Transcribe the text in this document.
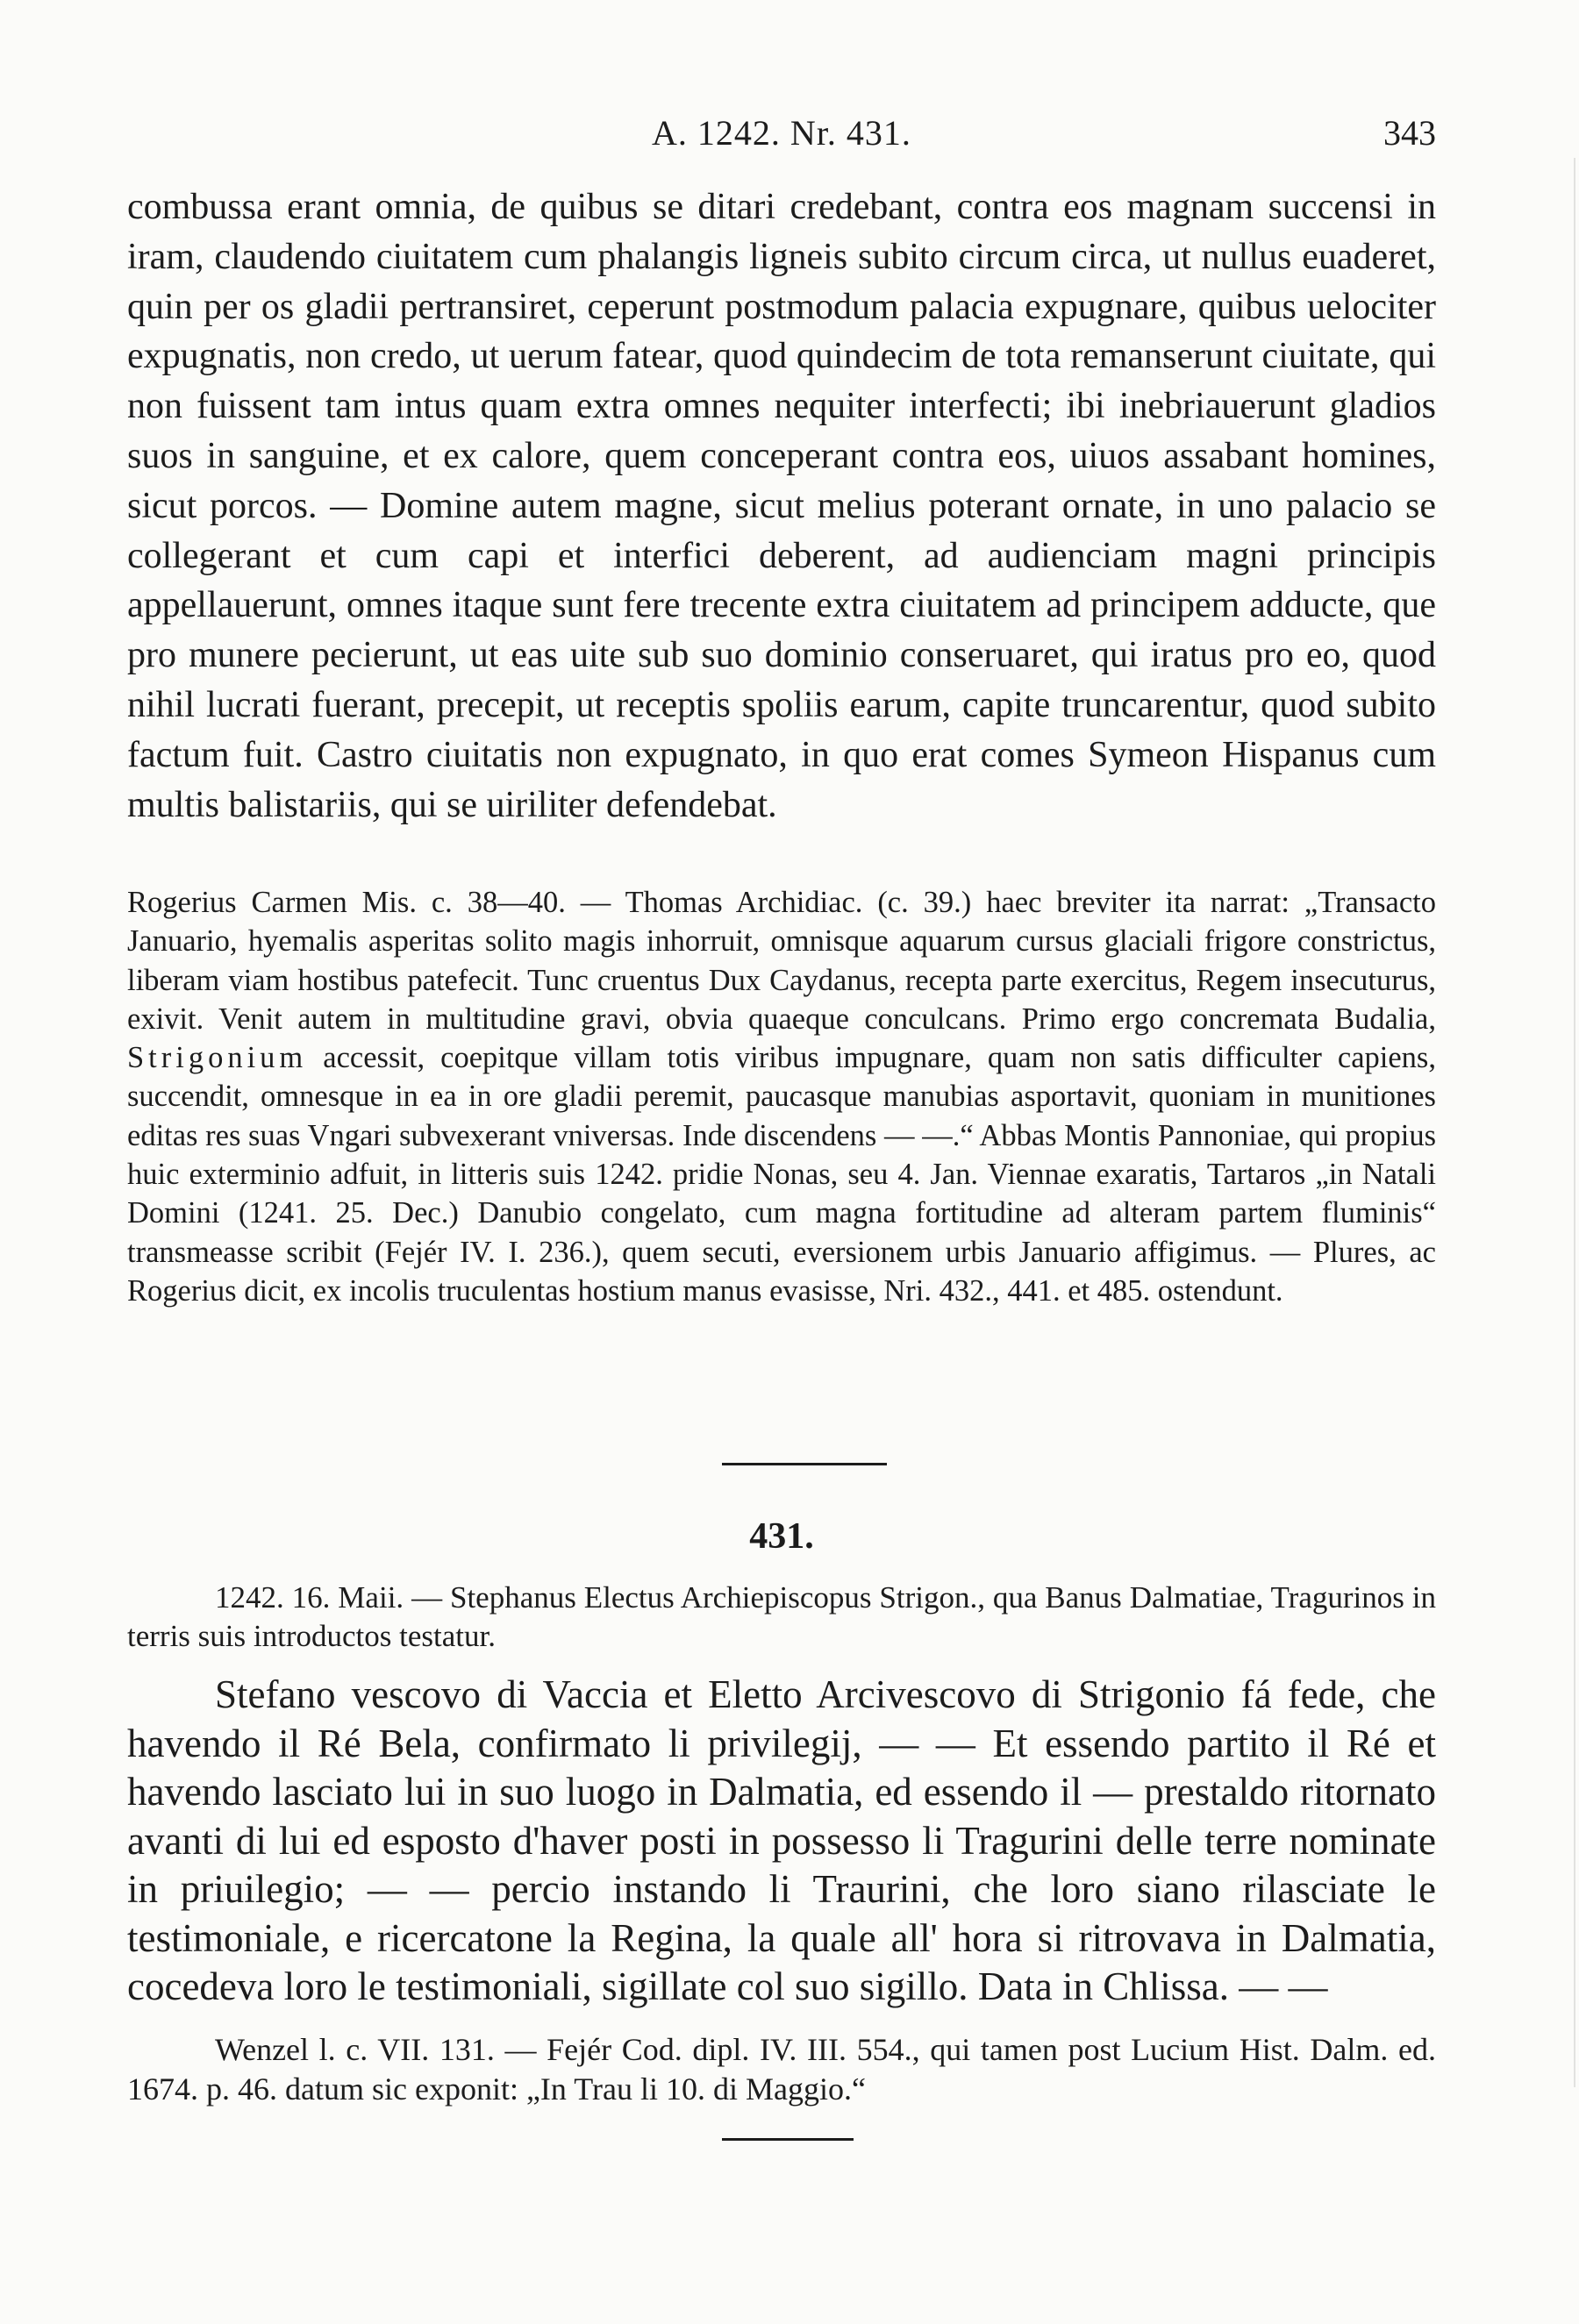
A. 1242. Nr. 431.	343

combussa erant omnia, de quibus se ditari credebant, contra eos magnam succensi in iram, claudendo ciuitatem cum phalangis ligneis subito circum circa, ut nullus euaderet, quin per os gladii pertransiret, ceperunt postmodum palacia expugnare, quibus uelociter expugnatis, non credo, ut uerum fatear, quod quindecim de tota remanserunt ciuitate, qui non fuissent tam intus quam extra omnes nequiter interfecti; ibi inebriauerunt gladios suos in sanguine, et ex calore, quem conceperant contra eos, uiuos assabant homines, sicut porcos. — Domine autem magne, sicut melius poterant ornate, in uno palacio se collegerant et cum capi et interfici deberent, ad audienciam magni principis appellauerunt, omnes itaque sunt fere trecente extra ciuitatem ad principem adducte, que pro munere pecierunt, ut eas uite sub suo dominio conseruaret, qui iratus pro eo, quod nihil lucrati fuerant, precepit, ut receptis spoliis earum, capite truncarentur, quod subito factum fuit. Castro ciuitatis non expugnato, in quo erat comes Symeon Hispanus cum multis balistariis, qui se uiriliter defendebat.

Rogerius Carmen Mis. c. 38—40. — Thomas Archidiac. (c. 39.) haec breviter ita narrat: „Transacto Januario, hyemalis asperitas solito magis inhorruit, omnisque aquarum cursus glaciali frigore constrictus, liberam viam hostibus patefecit. Tunc cruentus Dux Caydanus, recepta parte exercitus, Regem insecuturus, exivit. Venit autem in multitudine gravi, obvia quaeque conculcans. Primo ergo concremata Budalia, Strigonium accessit, coepitque villam totis viribus impugnare, quam non satis difficulter capiens, succendit, omnesque in ea in ore gladii peremit, paucasque manubias asportavit, quoniam in munitiones editas res suas Vngari subvexerant vniversas. Inde discendens — —.“ Abbas Montis Pannoniae, qui propius huic exterminio adfuit, in litteris suis 1242. pridie Nonas, seu 4. Jan. Viennae exaratis, Tartaros „in Natali Domini (1241. 25. Dec.) Danubio congelato, cum magna fortitudine ad alteram partem fluminis“ transmeasse scribit (Fejér IV. I. 236.), quem secuti, eversionem urbis Januario affigimus. — Plures, ac Rogerius dicit, ex incolis truculentas hostium manus evasisse, Nri. 432., 441. et 485. ostendunt.

431.

1242. 16. Maii. — Stephanus Electus Archiepiscopus Strigon., qua Banus Dalmatiae, Tragurinos in terris suis introductos testatur.

Stefano vescovo di Vaccia et Eletto Arcivescovo di Strigonio fá fede, che havendo il Ré Bela, confirmato li privilegij, — — Et essendo partito il Ré et havendo lasciato lui in suo luogo in Dalmatia, ed essendo il — prestaldo ritornato avanti di lui ed esposto d'haver posti in possesso li Tragurini delle terre nominate in priuilegio; — — percio instando li Traurini, che loro siano rilasciate le testimoniale, e ricercatone la Regina, la quale all' hora si ritrovava in Dalmatia, cocedeva loro le testimoniali, sigillate col suo sigillo. Data in Chlissa. — —

Wenzel l. c. VII. 131. — Fejér Cod. dipl. IV. III. 554., qui tamen post Lucium Hist. Dalm. ed. 1674. p. 46. datum sic exponit: „In Trau li 10. di Maggio.“
